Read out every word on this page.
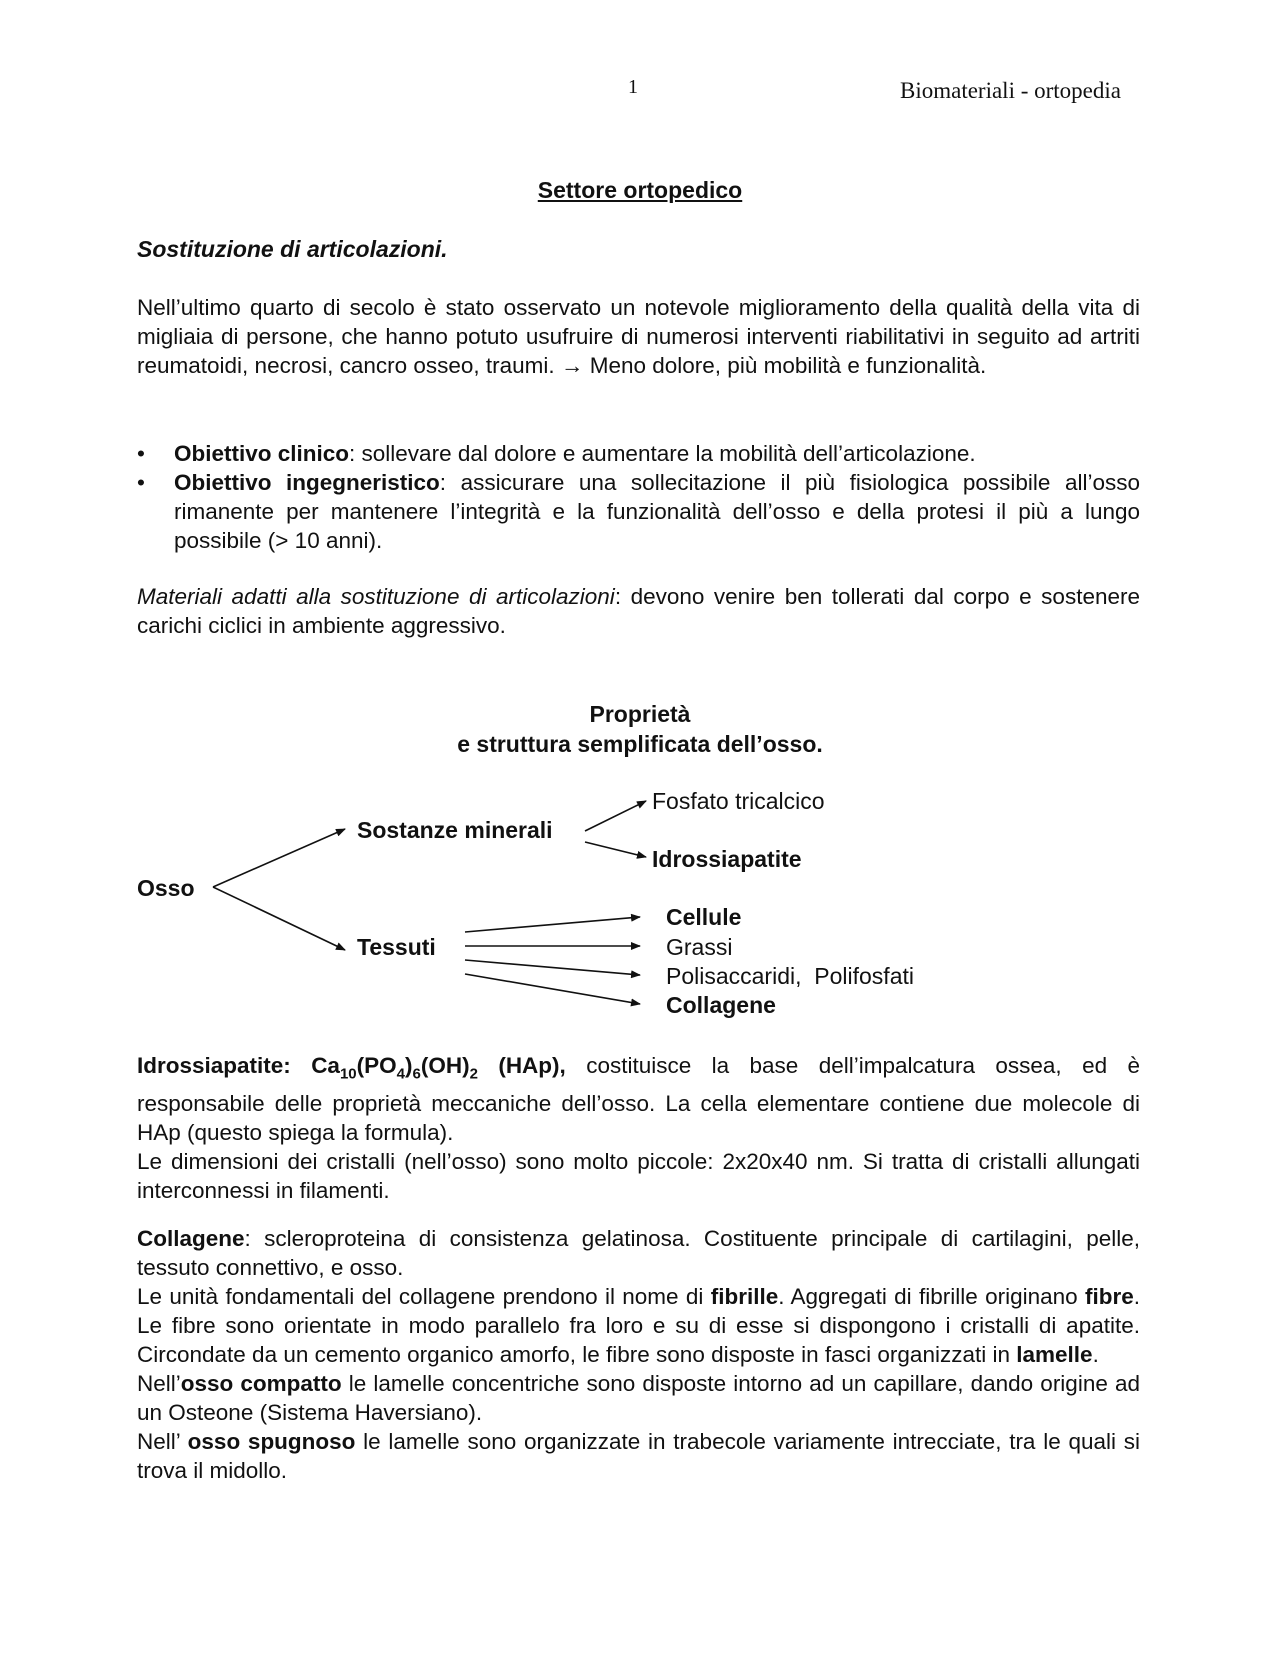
1	Biomateriali - ortopedia
Settore ortopedico
Sostituzione di articolazioni.

Nell’ultimo quarto di secolo è stato osservato un notevole miglioramento della qualità della vita di migliaia di persone, che hanno potuto usufruire di numerosi interventi riabilitativi in seguito ad artriti reumatoidi, necrosi, cancro osseo, traumi. → Meno dolore, più mobilità e funzionalità.

• Obiettivo clinico: sollevare dal dolore e aumentare la mobilità dell’articolazione.
• Obiettivo ingegneristico: assicurare una sollecitazione il più fisiologica possibile all’osso rimanente per mantenere l’integrità e la funzionalità dell’osso e della protesi il più a lungo possibile (> 10 anni).

Materiali adatti alla sostituzione di articolazioni: devono venire ben tollerati dal corpo e sostenere carichi ciclici in ambiente aggressivo.

Proprietà
e struttura semplificata dell’osso.
Osso
Sostanze minerali
Fosfato tricalcico
Idrossiapatite
Tessuti
Cellule
Grassi
Polisaccaridi,  Polifosfati
Collagene

Idrossiapatite: $Ca_{10}(PO_4)_6(OH)_2$ (HAp), costituisce la base dell’impalcatura ossea, ed è responsabile delle proprietà meccaniche dell’osso. La cella elementare contiene due molecole di HAp (questo spiega la formula).
Le dimensioni dei cristalli (nell’osso) sono molto piccole: 2x20x40 nm. Si tratta di cristalli allungati interconnessi in filamenti.

Collagene: scleroproteina di consistenza gelatinosa. Costituente principale di cartilagini, pelle, tessuto connettivo, e osso.
Le unità fondamentali del collagene prendono il nome di fibrille. Aggregati di fibrille originano fibre. Le fibre sono orientate in modo parallelo fra loro e su di esse si dispongono i cristalli di apatite. Circondate da un cemento organico amorfo, le fibre sono disposte in fasci organizzati in lamelle.
Nell’osso compatto le lamelle concentriche sono disposte intorno ad un capillare, dando origine ad un Osteone (Sistema Haversiano).
Nell’ osso spugnoso le lamelle sono organizzate in trabecole variamente intrecciate, tra le quali si trova il midollo.
